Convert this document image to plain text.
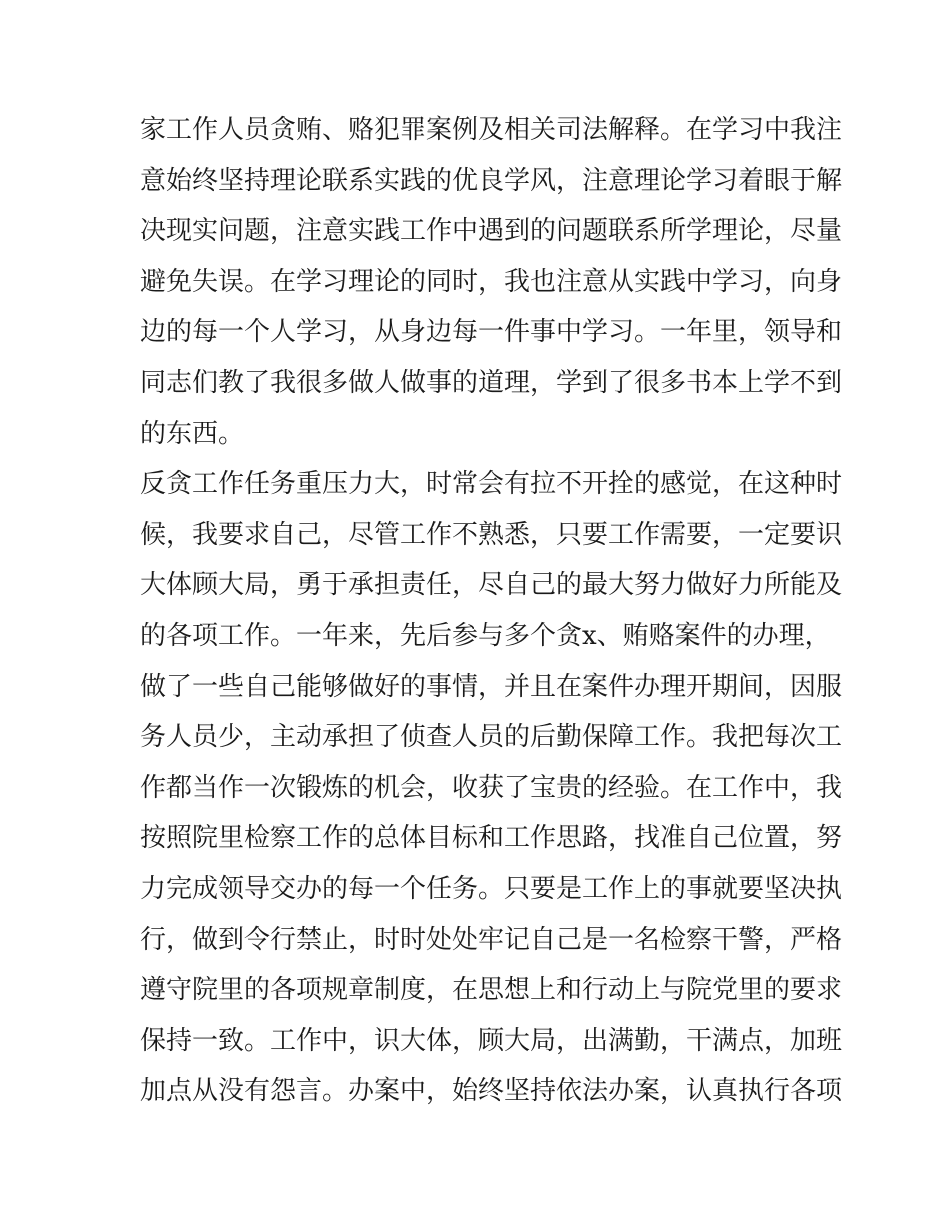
家工作人员贪贿、赂犯罪案例及相关司法解释。在学习中我注
意始终坚持理论联系实践的优良学风，注意理论学习着眼于解
决现实问题，注意实践工作中遇到的问题联系所学理论，尽量
避免失误。在学习理论的同时，我也注意从实践中学习，向身
边的每一个人学习，从身边每一件事中学习。一年里，领导和
同志们教了我很多做人做事的道理，学到了很多书本上学不到
的东西。
反贪工作任务重压力大，时常会有拉不开拴的感觉，在这种时
候，我要求自己，尽管工作不熟悉，只要工作需要，一定要识
大体顾大局，勇于承担责任，尽自己的最大努力做好力所能及
的各项工作。一年来，先后参与多个贪x、贿赂案件的办理，
做了一些自己能够做好的事情，并且在案件办理开期间，因服
务人员少，主动承担了侦查人员的后勤保障工作。我把每次工
作都当作一次锻炼的机会，收获了宝贵的经验。在工作中，我
按照院里检察工作的总体目标和工作思路，找准自己位置，努
力完成领导交办的每一个任务。只要是工作上的事就要坚决执
行，做到令行禁止，时时处处牢记自己是一名检察干警，严格
遵守院里的各项规章制度，在思想上和行动上与院党里的要求
保持一致。工作中，识大体，顾大局，出满勤，干满点，加班
加点从没有怨言。办案中，始终坚持依法办案，认真执行各项
